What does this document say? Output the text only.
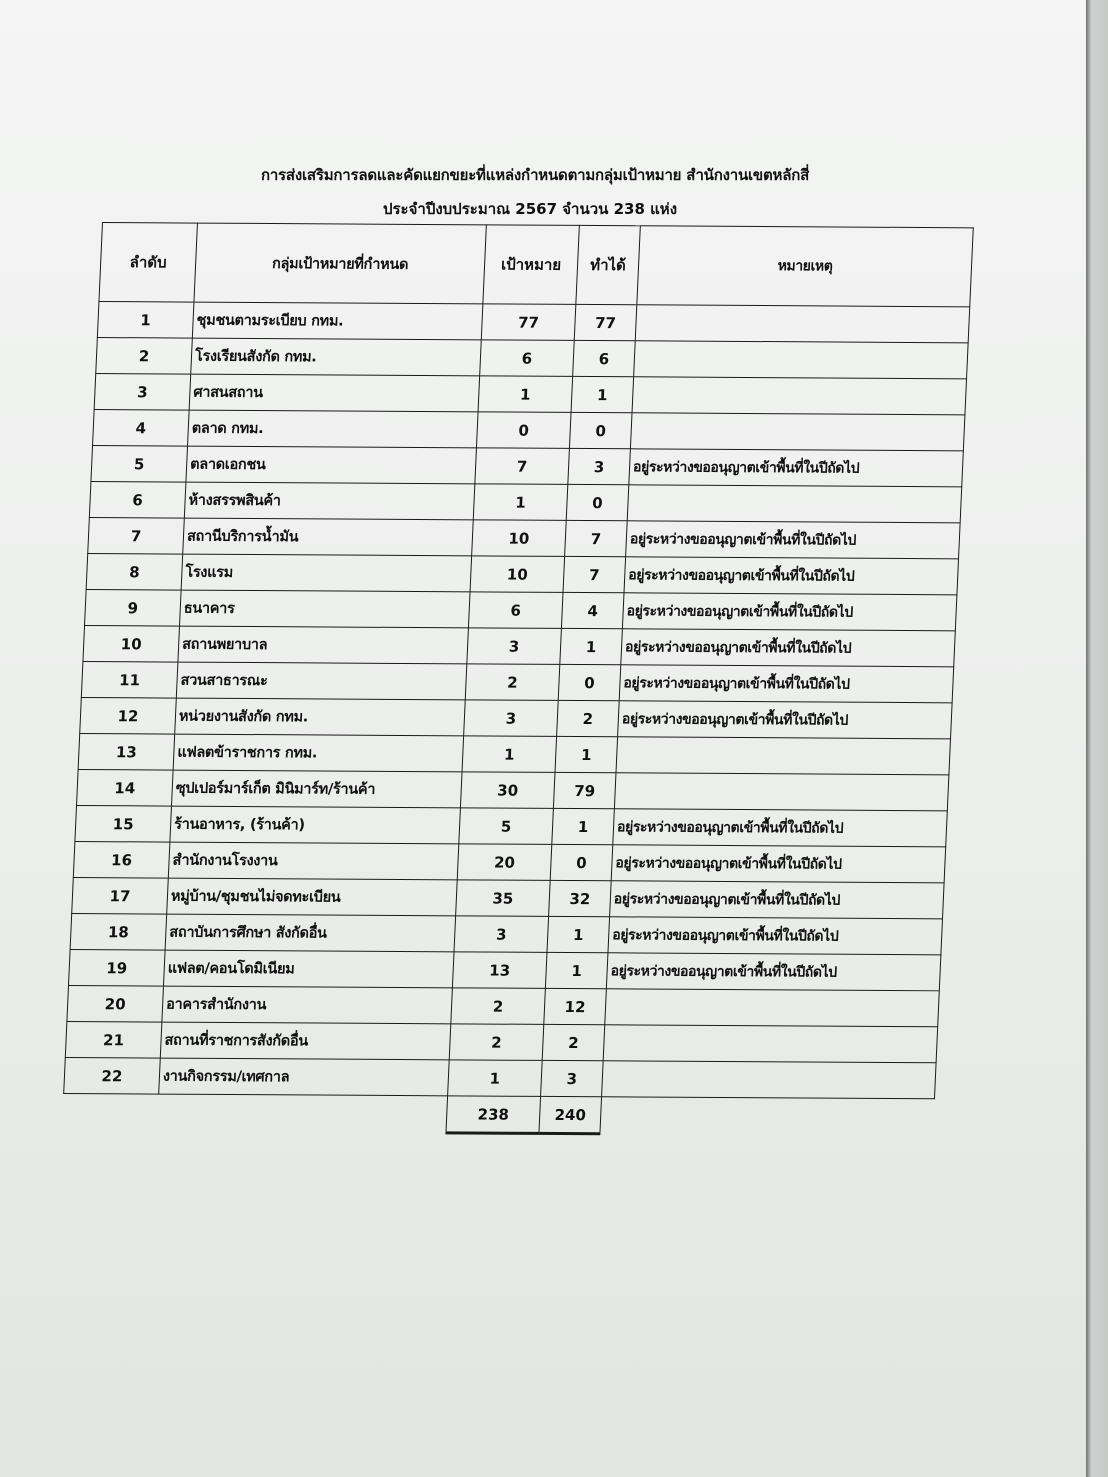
การส่งเสริมการลดและคัดแยกขยะที่แหล่งกำหนดตามกลุ่มเป้าหมาย สำนักงานเขตหลักสี่
ประจำปีงบประมาณ 2567 จำนวน 238 แห่ง
ลำดับ	กลุ่มเป้าหมายที่กำหนด	เป้าหมาย	ทำได้	หมายเหตุ
1	ชุมชนตามระเบียบ กทม.	77	77	
2	โรงเรียนสังกัด กทม.	6	6	
3	ศาสนสถาน	1	1	
4	ตลาด กทม.	0	0	
5	ตลาดเอกชน	7	3	อยู่ระหว่างขออนุญาตเข้าพื้นที่ในปีถัดไป
6	ห้างสรรพสินค้า	1	0	
7	สถานีบริการน้ำมัน	10	7	อยู่ระหว่างขออนุญาตเข้าพื้นที่ในปีถัดไป
8	โรงแรม	10	7	อยู่ระหว่างขออนุญาตเข้าพื้นที่ในปีถัดไป
9	ธนาคาร	6	4	อยู่ระหว่างขออนุญาตเข้าพื้นที่ในปีถัดไป
10	สถานพยาบาล	3	1	อยู่ระหว่างขออนุญาตเข้าพื้นที่ในปีถัดไป
11	สวนสาธารณะ	2	0	อยู่ระหว่างขออนุญาตเข้าพื้นที่ในปีถัดไป
12	หน่วยงานสังกัด กทม.	3	2	อยู่ระหว่างขออนุญาตเข้าพื้นที่ในปีถัดไป
13	แฟลตข้าราชการ กทม.	1	1	
14	ซุปเปอร์มาร์เก็ต มินิมาร์ท/ร้านค้า	30	79	
15	ร้านอาหาร, (ร้านค้า)	5	1	อยู่ระหว่างขออนุญาตเข้าพื้นที่ในปีถัดไป
16	สำนักงานโรงงาน	20	0	อยู่ระหว่างขออนุญาตเข้าพื้นที่ในปีถัดไป
17	หมู่บ้าน/ชุมชนไม่จดทะเบียน	35	32	อยู่ระหว่างขออนุญาตเข้าพื้นที่ในปีถัดไป
18	สถาบันการศึกษา สังกัดอื่น	3	1	อยู่ระหว่างขออนุญาตเข้าพื้นที่ในปีถัดไป
19	แฟลต/คอนโดมิเนียม	13	1	อยู่ระหว่างขออนุญาตเข้าพื้นที่ในปีถัดไป
20	อาคารสำนักงาน	2	12	
21	สถานที่ราชการสังกัดอื่น	2	2	
22	งานกิจกรรม/เทศกาล	1	3	
		238	240	
